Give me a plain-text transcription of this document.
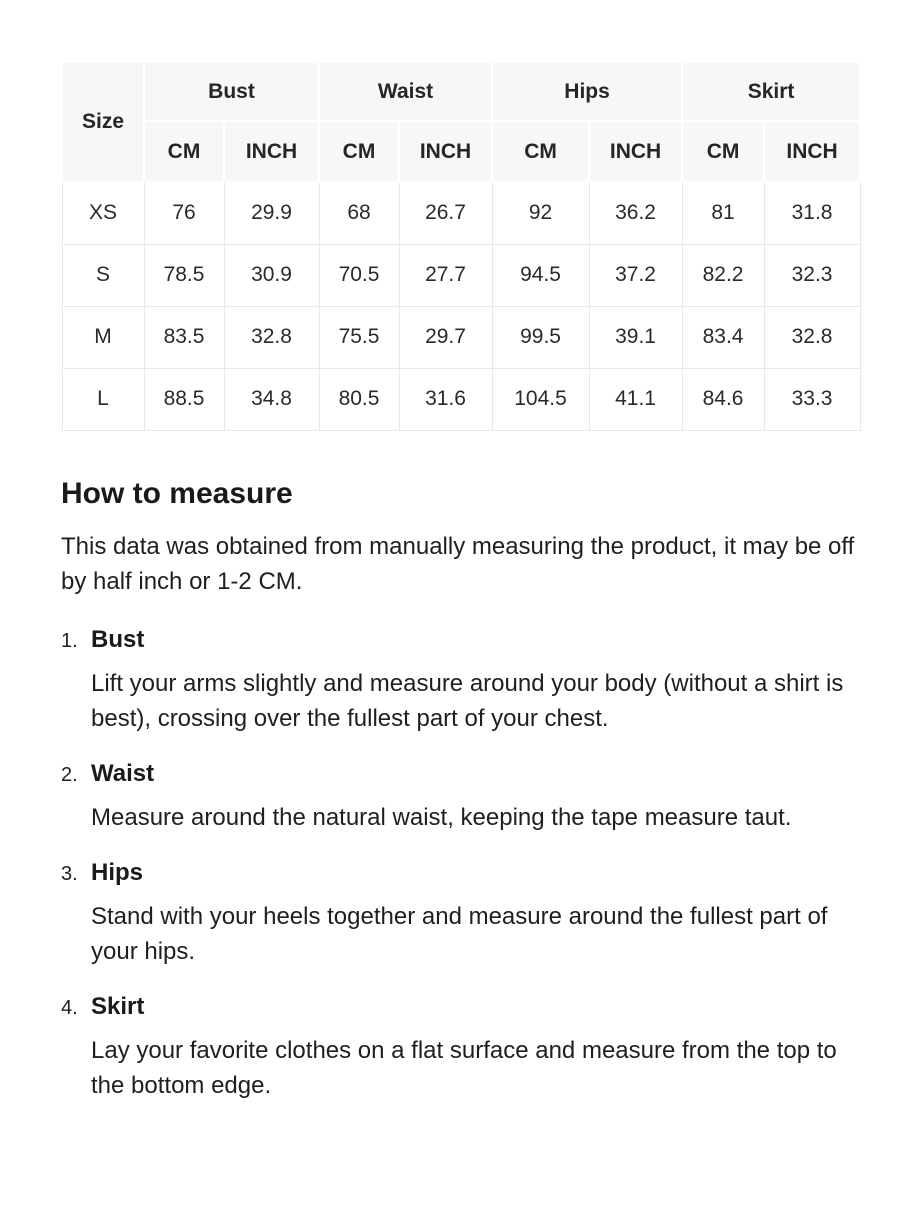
Size	Bust		Waist		Hips		Skirt	
	CM	INCH	CM	INCH	CM	INCH	CM	INCH
XS	76	29.9	68	26.7	92	36.2	81	31.8
S	78.5	30.9	70.5	27.7	94.5	37.2	82.2	32.3
M	83.5	32.8	75.5	29.7	99.5	39.1	83.4	32.8
L	88.5	34.8	80.5	31.6	104.5	41.1	84.6	33.3
How to measure

This data was obtained from manually measuring the product, it may be off by half inch or 1-2 CM.

1. Bust

Lift your arms slightly and measure around your body (without a shirt is best), crossing over the fullest part of your chest.

2. Waist

Measure around the natural waist, keeping the tape measure taut.

3. Hips

Stand with your heels together and measure around the fullest part of your hips.

4. Skirt

Lay your favorite clothes on a flat surface and measure from the top to the bottom edge.
